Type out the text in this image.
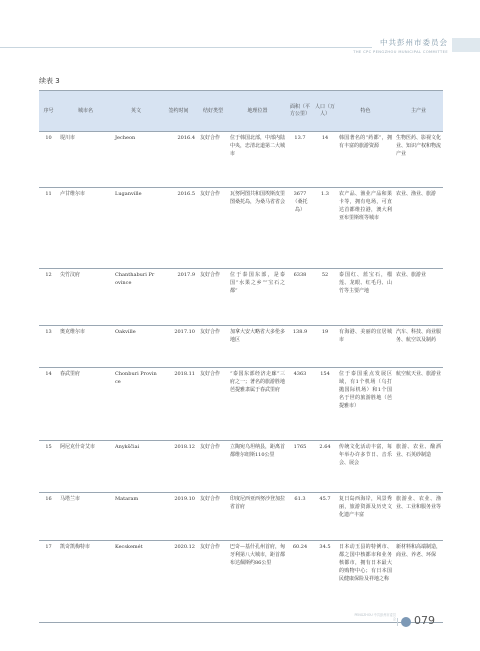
中共彭州市委员会
THE CPC PENGZHOU MUNICIPAL COMMITTEE
续表 3
序号	城市名	英文	签约时间	结好类型	地理位置	面积（平方公里）	人口（万人）	特色	主产业
10	堤川市	Jecheon	2016.4	友好合作	位于韩国北部，中部内陆中央，忠清北道第二大城市	13.7	14	韩国著名的“药都”，拥有丰富的旅游资源	生物医药、影视文化业、知识产权和物流产业
11	卢甘维尔市	Luganville	2016.5	友好合作	瓦努阿图共和国埃斯皮里图桑托岛，为桑马省省会	3677（桑托岛）	1.3	农产品、渔业产品和果卡等，拥有电场，可直达首都维拉港，澳大利亚布里斯班等城市	农业、渔业、旅游
12	尖竹汶府	Chanthaburi Province	2017.9	友好合作	位于泰国东部，是泰国“水果之乡”“宝石之都”	6338	52	泰国红、蓝宝石，榴莲、龙眼、红毛丹、山竹等主要产地	农业、旅游业
13	奥克维尔市	Oakville	2017.10	友好合作	加拿大安大略省大多伦多地区	138.9	19	有海港、美丽的宜居城市	汽车、科技、商业服务、航空以及制药
14	春武里府	Chonburi Province	2018.11	友好合作	“泰国东部经济走廊”三府之一；著名的旅游胜地芭提雅隶属于春武里府	4363	154	位于泰国重点发展区域，有1个机场（乌打抛国际机场）和1个国名于世的旅游胜地（芭提雅市）	航空航天业、旅游业
15	阿尼克什奇艾市	Anykščiai	2018.12	友好合作	立陶宛乌坦纳县，距离首都维尔纽斯110公里	1765	2.64	传统文化活动丰富，每年举办许多节日、音乐会、展会	旅游、农业、酿酒业、石英砂制造
16	马塔兰市	Mataram	2019.10	友好合作	印度尼西亚西努沙登加拉省首府	61.3	45.7	复日岛西海岸，风景秀丽，旅游资源及历史文化遗产丰富	旅游业、农业、渔业、工业和服务业等
17	凯奇凯梅特市	Kecskemét	2020.12	友好合作	巴奇—基什孔州首府，匈牙利第八大城市，距首都布达佩斯约86公里	60.24	34.5	日本动玉县的特例市、都之国中核都市和业务核都市，拥有日本最大的购物中心；有日本国民健康保险及祥地之称	新材料和高端制造，商业、养老、环保
PENGZHOU 中共彭州市委员会 079
